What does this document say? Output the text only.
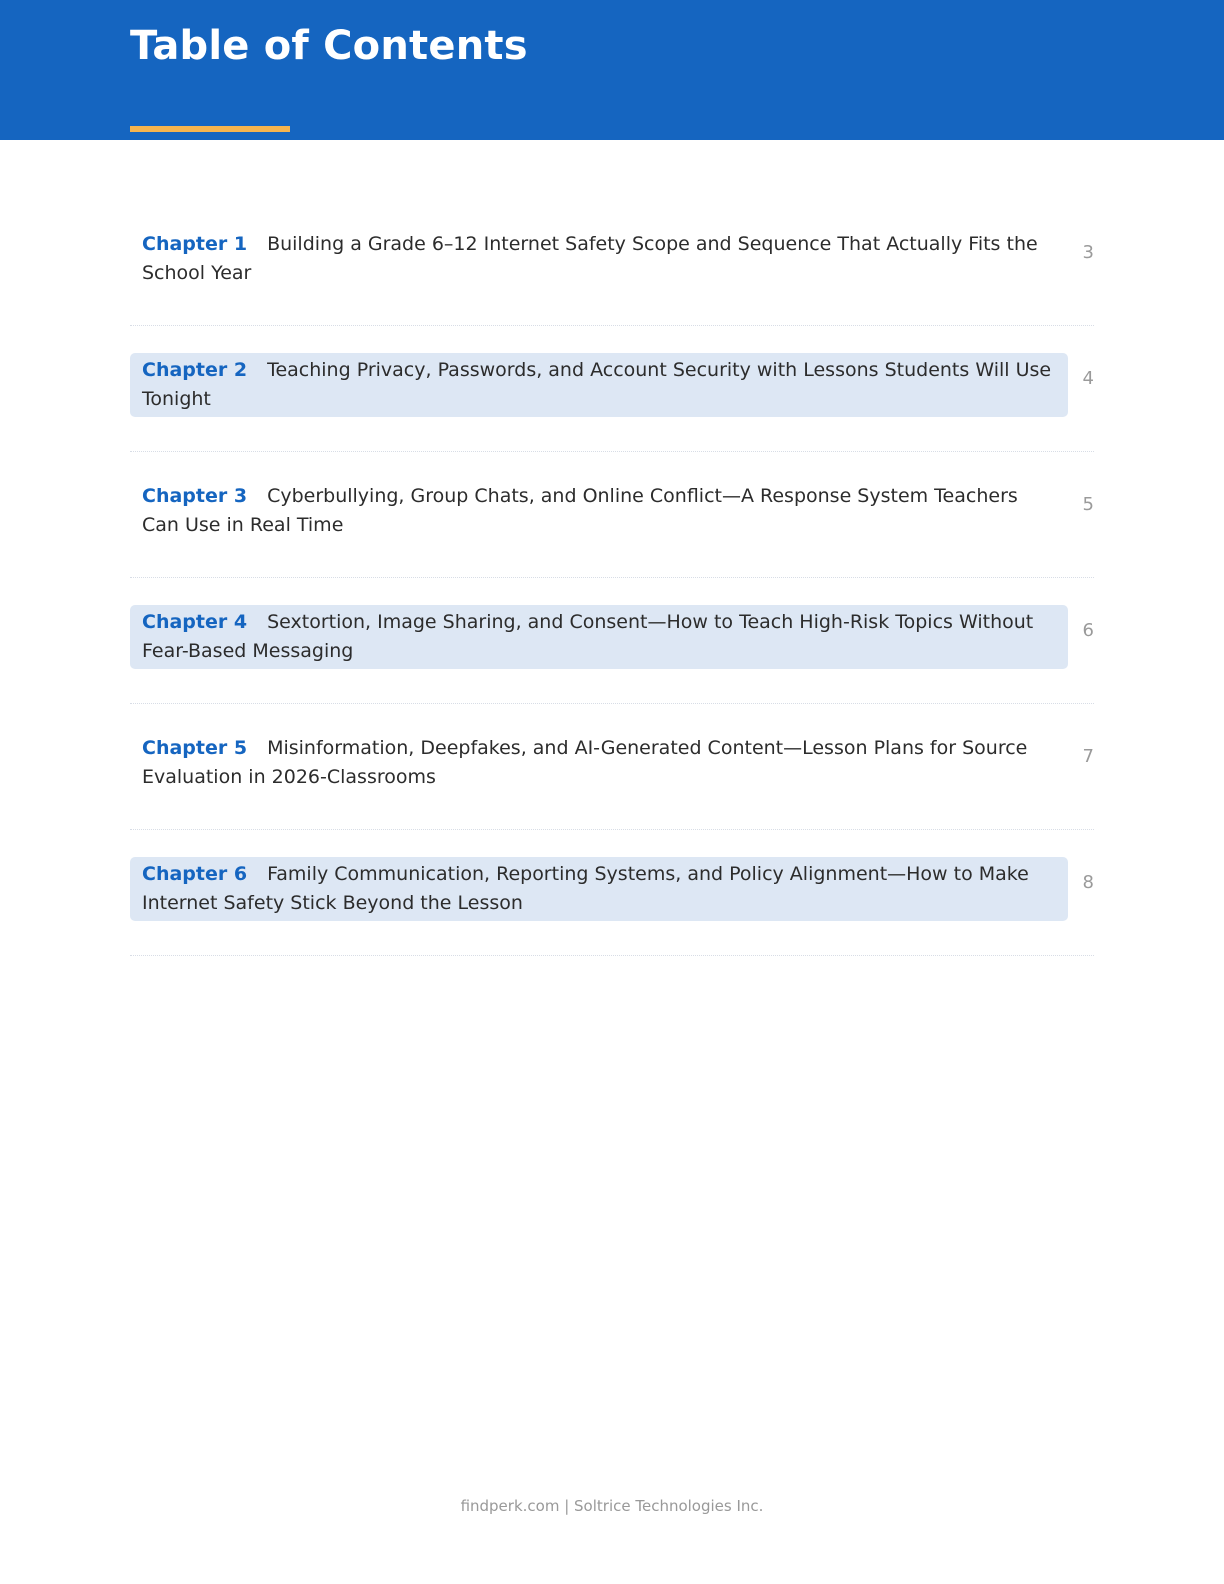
Table of Contents
Chapter 1 Building a Grade 6–12 Internet Safety Scope and Sequence That Actually Fits the School Year
3
Chapter 2 Teaching Privacy, Passwords, and Account Security with Lessons Students Will Use Tonight
4
Chapter 3 Cyberbullying, Group Chats, and Online Conflict—A Response System Teachers Can Use in Real Time
5
Chapter 4 Sextortion, Image Sharing, and Consent—How to Teach High-Risk Topics Without Fear-Based Messaging
6
Chapter 5 Misinformation, Deepfakes, and AI-Generated Content—Lesson Plans for Source Evaluation in 2026-Classrooms
7
Chapter 6 Family Communication, Reporting Systems, and Policy Alignment—How to Make Internet Safety Stick Beyond the Lesson
8
findperk.com | Soltrice Technologies Inc.
